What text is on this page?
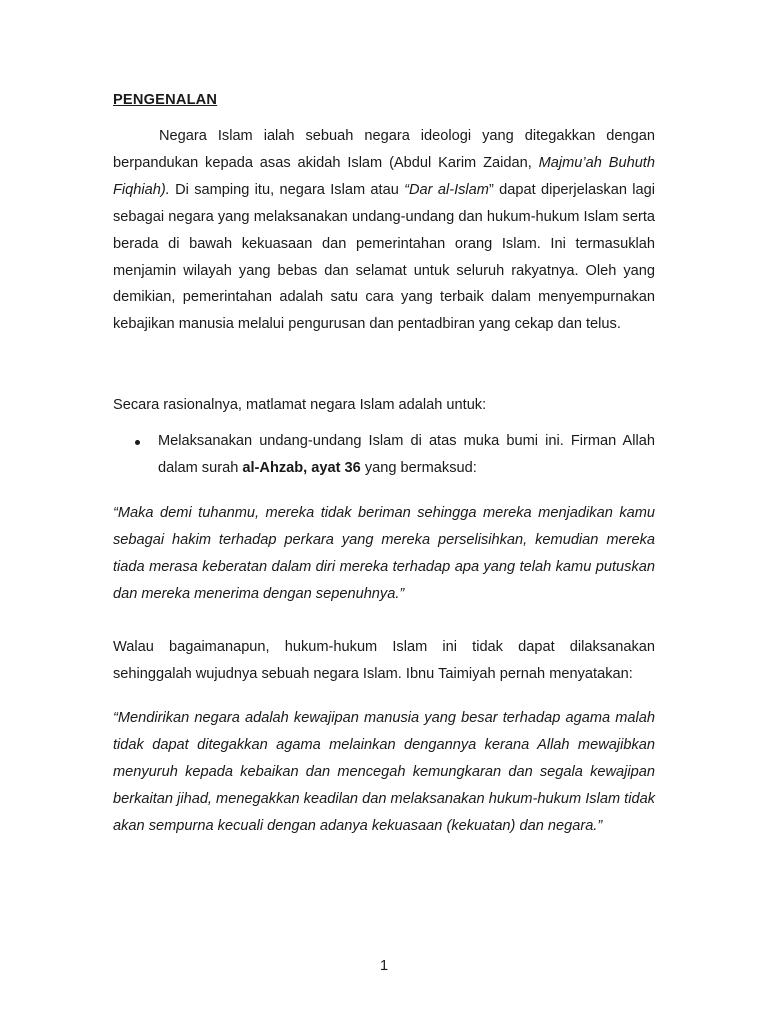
PENGENALAN

Negara Islam ialah sebuah negara ideologi yang ditegakkan dengan berpandukan kepada asas akidah Islam (Abdul Karim Zaidan, Majmu’ah Buhuth Fiqhiah). Di samping itu, negara Islam atau “Dar al-Islam” dapat diperjelaskan lagi sebagai negara yang melaksanakan undang-undang dan hukum-hukum Islam serta berada di bawah kekuasaan dan pemerintahan orang Islam. Ini termasuklah menjamin wilayah yang bebas dan selamat untuk seluruh rakyatnya. Oleh yang demikian, pemerintahan adalah satu cara yang terbaik dalam menyempurnakan kebajikan manusia melalui pengurusan dan pentadbiran yang cekap dan telus.

Secara rasionalnya, matlamat negara Islam adalah untuk:

Melaksanakan undang-undang Islam di atas muka bumi ini. Firman Allah dalam surah al-Ahzab, ayat 36 yang bermaksud:

“Maka demi tuhanmu, mereka tidak beriman sehingga mereka menjadikan kamu sebagai hakim terhadap perkara yang mereka perselisihkan, kemudian mereka tiada merasa keberatan dalam diri mereka terhadap apa yang telah kamu putuskan dan mereka menerima dengan sepenuhnya.”

Walau bagaimanapun, hukum-hukum Islam ini tidak dapat dilaksanakan sehinggalah wujudnya sebuah negara Islam. Ibnu Taimiyah pernah menyatakan:

“Mendirikan negara adalah kewajipan manusia yang besar terhadap agama malah tidak dapat ditegakkan agama melainkan dengannya kerana Allah mewajibkan menyuruh kepada kebaikan dan mencegah kemungkaran dan segala kewajipan berkaitan jihad, menegakkan keadilan dan melaksanakan hukum-hukum Islam tidak akan sempurna kecuali dengan adanya kekuasaan (kekuatan) dan negara.”

1
